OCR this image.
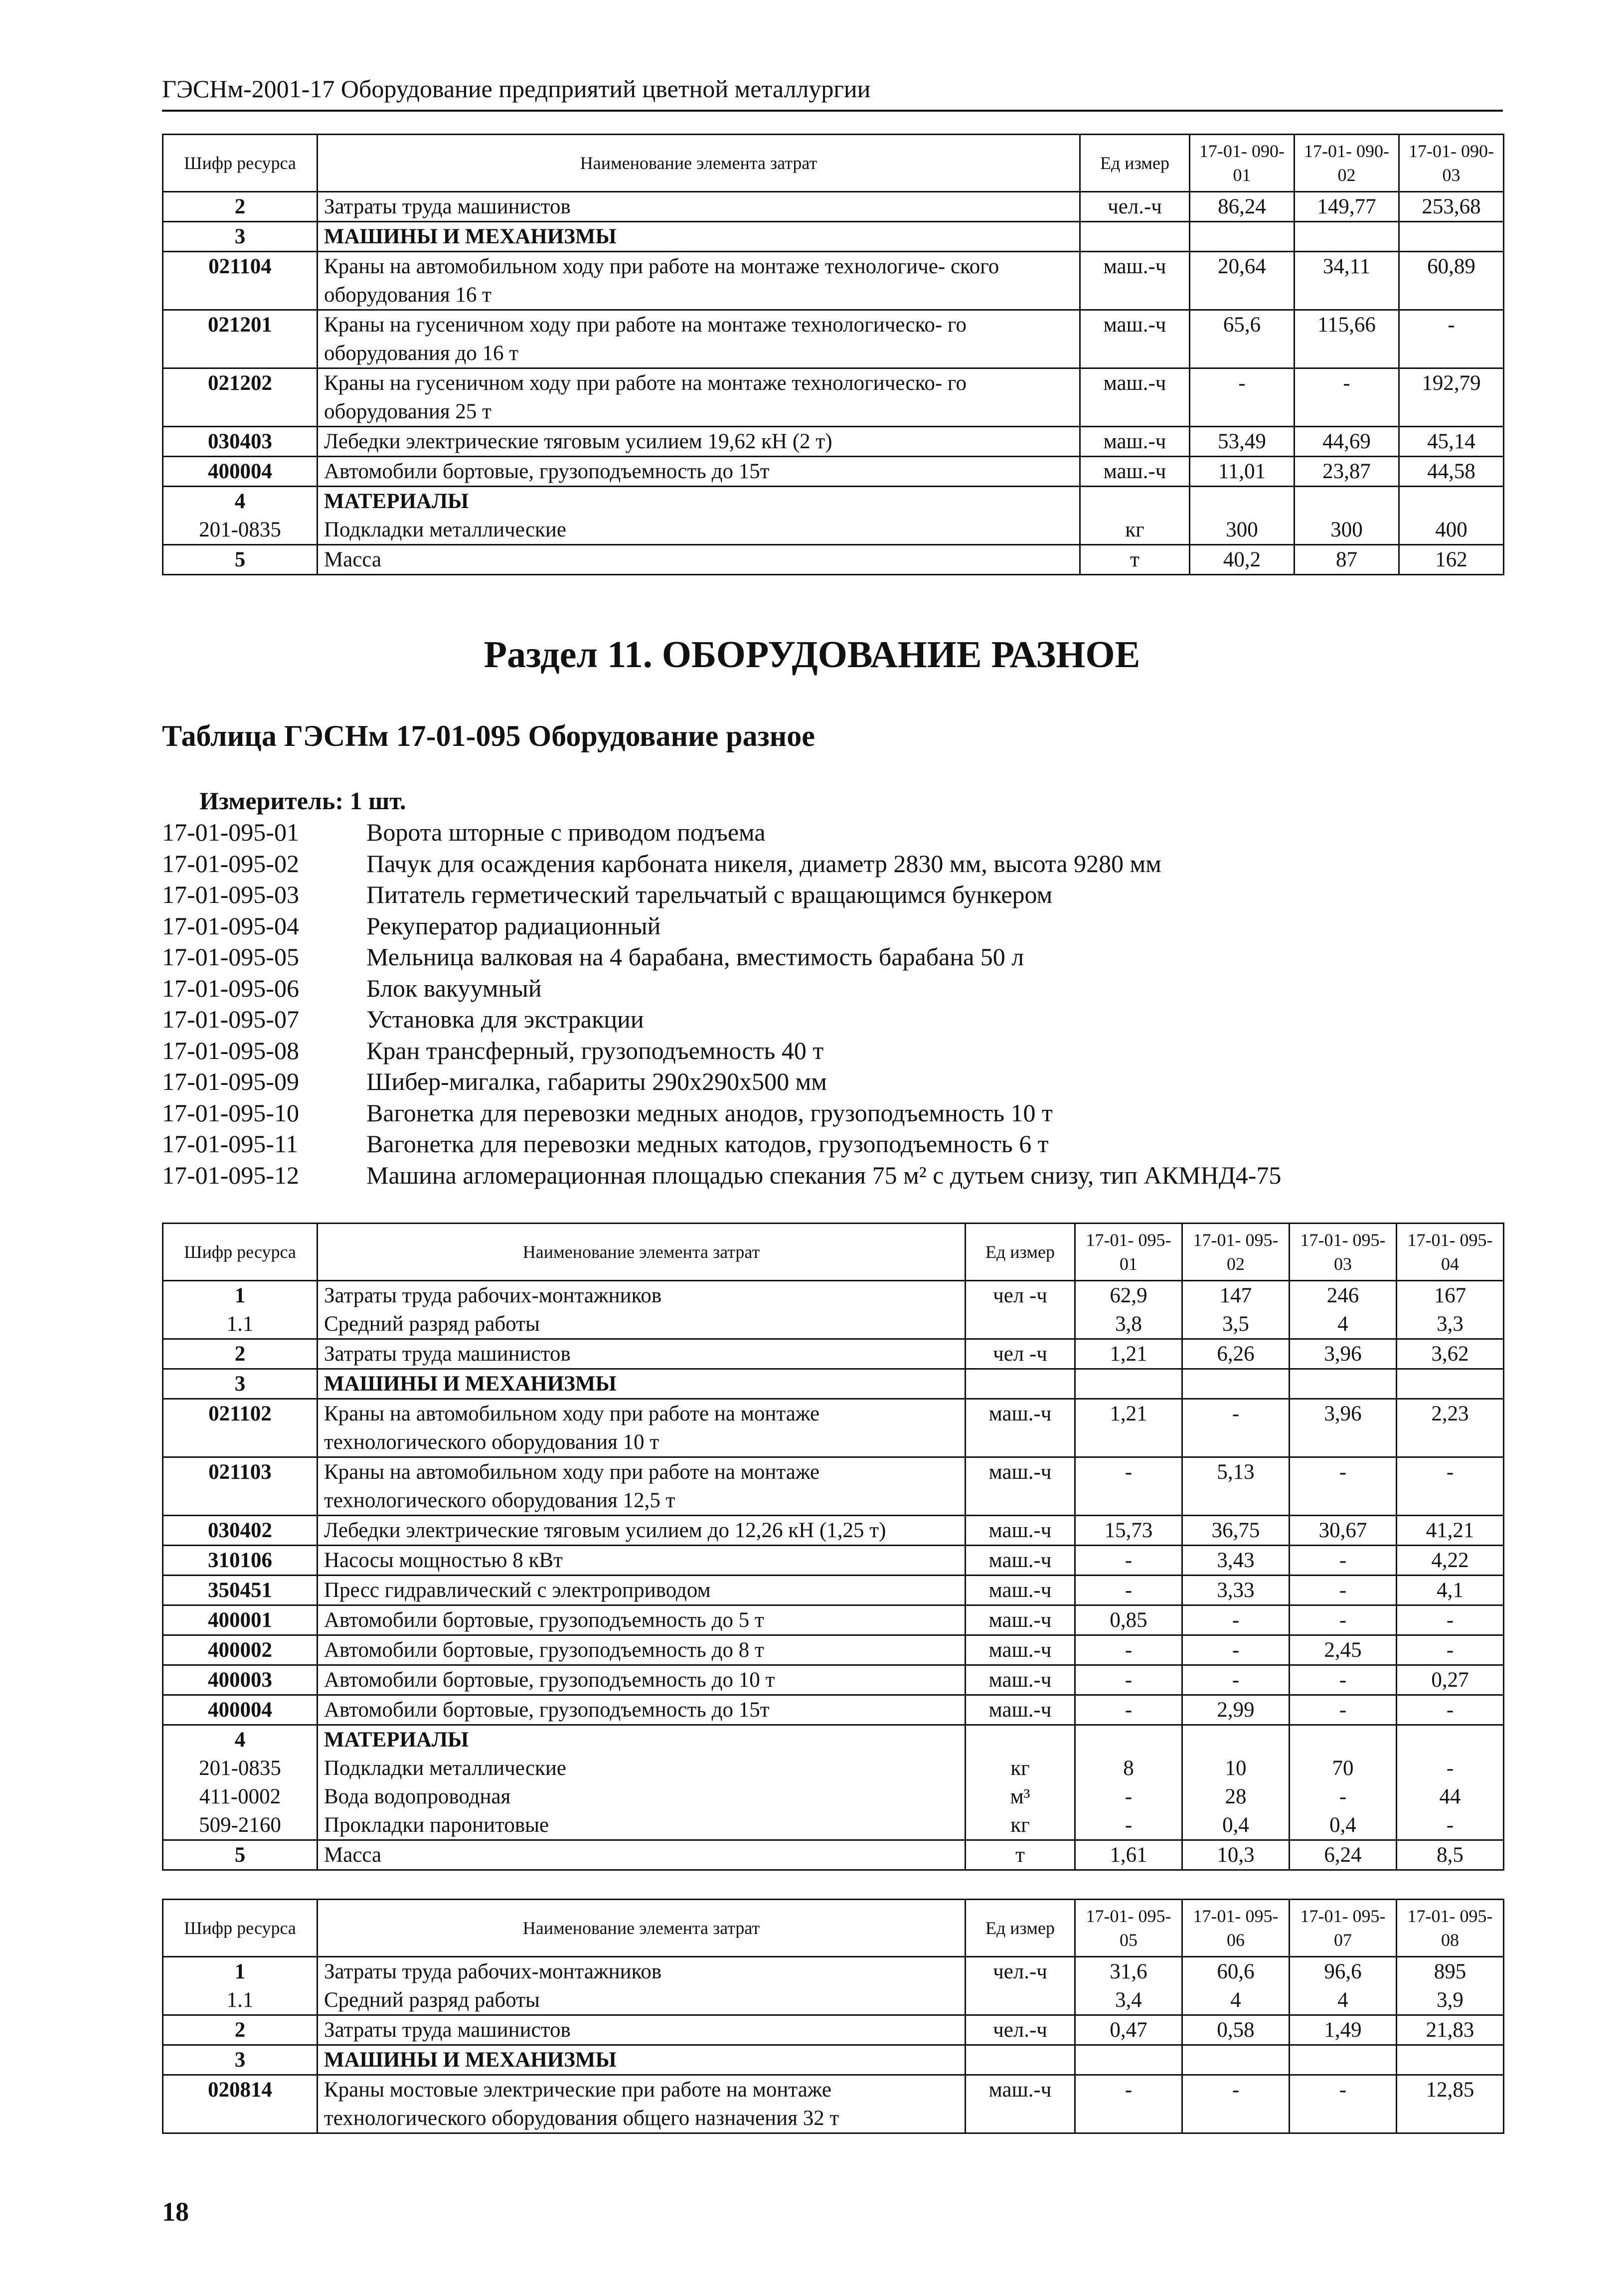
ГЭСНм-2001-17 Оборудование предприятий цветной металлургии
Шифр ресурса	Наименование элемента затрат	Ед измер	17-01- 090-01	17-01- 090-02	17-01- 090-03
2	Затраты труда машинистов	чел.-ч	86,24	149,77	253,68
3	МАШИНЫ И МЕХАНИЗМЫ				
021104	Краны на автомобильном ходу при работе на монтаже технологиче- ского оборудования 16 т	маш.-ч	20,64	34,11	60,89
021201	Краны на гусеничном ходу при работе на монтаже технологическо- го оборудования до 16 т	маш.-ч	65,6	115,66	-
021202	Краны на гусеничном ходу при работе на монтаже технологическо- го оборудования 25 т	маш.-ч	-	-	192,79
030403	Лебедки электрические тяговым усилием 19,62 кН (2 т)	маш.-ч	53,49	44,69	45,14
400004	Автомобили бортовые, грузоподъемность до 15т	маш.-ч	11,01	23,87	44,58
4	МАТЕРИАЛЫ				
201-0835	Подкладки металлические	кг	300	300	400
5	Масса	т	40,2	87	162
Раздел 11. ОБОРУДОВАНИЕ РАЗНОЕ
Таблица ГЭСНм 17-01-095 Оборудование разное
Измеритель: 1 шт.
17-01-095-01	Ворота шторные с приводом подъема
17-01-095-02	Пачук для осаждения карбоната никеля, диаметр 2830 мм, высота 9280 мм
17-01-095-03	Питатель герметический тарельчатый с вращающимся бункером
17-01-095-04	Рекуператор радиационный
17-01-095-05	Мельница валковая на 4 барабана, вместимость барабана 50 л
17-01-095-06	Блок вакуумный
17-01-095-07	Установка для экстракции
17-01-095-08	Кран трансферный, грузоподъемность 40 т
17-01-095-09	Шибер-мигалка, габариты 290х290х500 мм
17-01-095-10	Вагонетка для перевозки медных анодов, грузоподъемность 10 т
17-01-095-11	Вагонетка для перевозки медных катодов, грузоподъемность 6 т
17-01-095-12	Машина агломерационная площадью спекания 75 м² с дутьем снизу, тип АКМНД4-75
Шифр ресурса	Наименование элемента затрат	Ед измер	17-01- 095-01	17-01- 095-02	17-01- 095-03	17-01- 095-04
1	Затраты труда рабочих-монтажников	чел -ч	62,9	147	246	167
1.1	Средний разряд работы		3,8	3,5	4	3,3
2	Затраты труда машинистов	чел -ч	1,21	6,26	3,96	3,62
3	МАШИНЫ И МЕХАНИЗМЫ					
021102	Краны на автомобильном ходу при работе на монтаже технологического оборудования 10 т	маш.-ч	1,21	-	3,96	2,23
021103	Краны на автомобильном ходу при работе на монтаже технологического оборудования 12,5 т	маш.-ч	-	5,13	-	-
030402	Лебедки электрические тяговым усилием до 12,26 кН (1,25 т)	маш.-ч	15,73	36,75	30,67	41,21
310106	Насосы мощностью 8 кВт	маш.-ч	-	3,43	-	4,22
350451	Пресс гидравлический с электроприводом	маш.-ч	-	3,33	-	4,1
400001	Автомобили бортовые, грузоподъемность до 5 т	маш.-ч	0,85	-	-	-
400002	Автомобили бортовые, грузоподъемность до 8 т	маш.-ч	-	-	2,45	-
400003	Автомобили бортовые, грузоподъемность до 10 т	маш.-ч	-	-	-	0,27
400004	Автомобили бортовые, грузоподъемность до 15т	маш.-ч	-	2,99	-	-
4	МАТЕРИАЛЫ					
201-0835	Подкладки металлические	кг	8	10	70	-
411-0002	Вода водопроводная	м³	-	28	-	44
509-2160	Прокладки паронитовые	кг	-	0,4	0,4	-
5	Масса	т	1,61	10,3	6,24	8,5
Шифр ресурса	Наименование элемента затрат	Ед измер	17-01- 095-05	17-01- 095-06	17-01- 095-07	17-01- 095-08
1	Затраты труда рабочих-монтажников	чел.-ч	31,6	60,6	96,6	895
1.1	Средний разряд работы		3,4	4	4	3,9
2	Затраты труда машинистов	чел.-ч	0,47	0,58	1,49	21,83
3	МАШИНЫ И МЕХАНИЗМЫ					
020814	Краны мостовые электрические при работе на монтаже технологического оборудования общего назначения 32 т	маш.-ч	-	-	-	12,85
18
